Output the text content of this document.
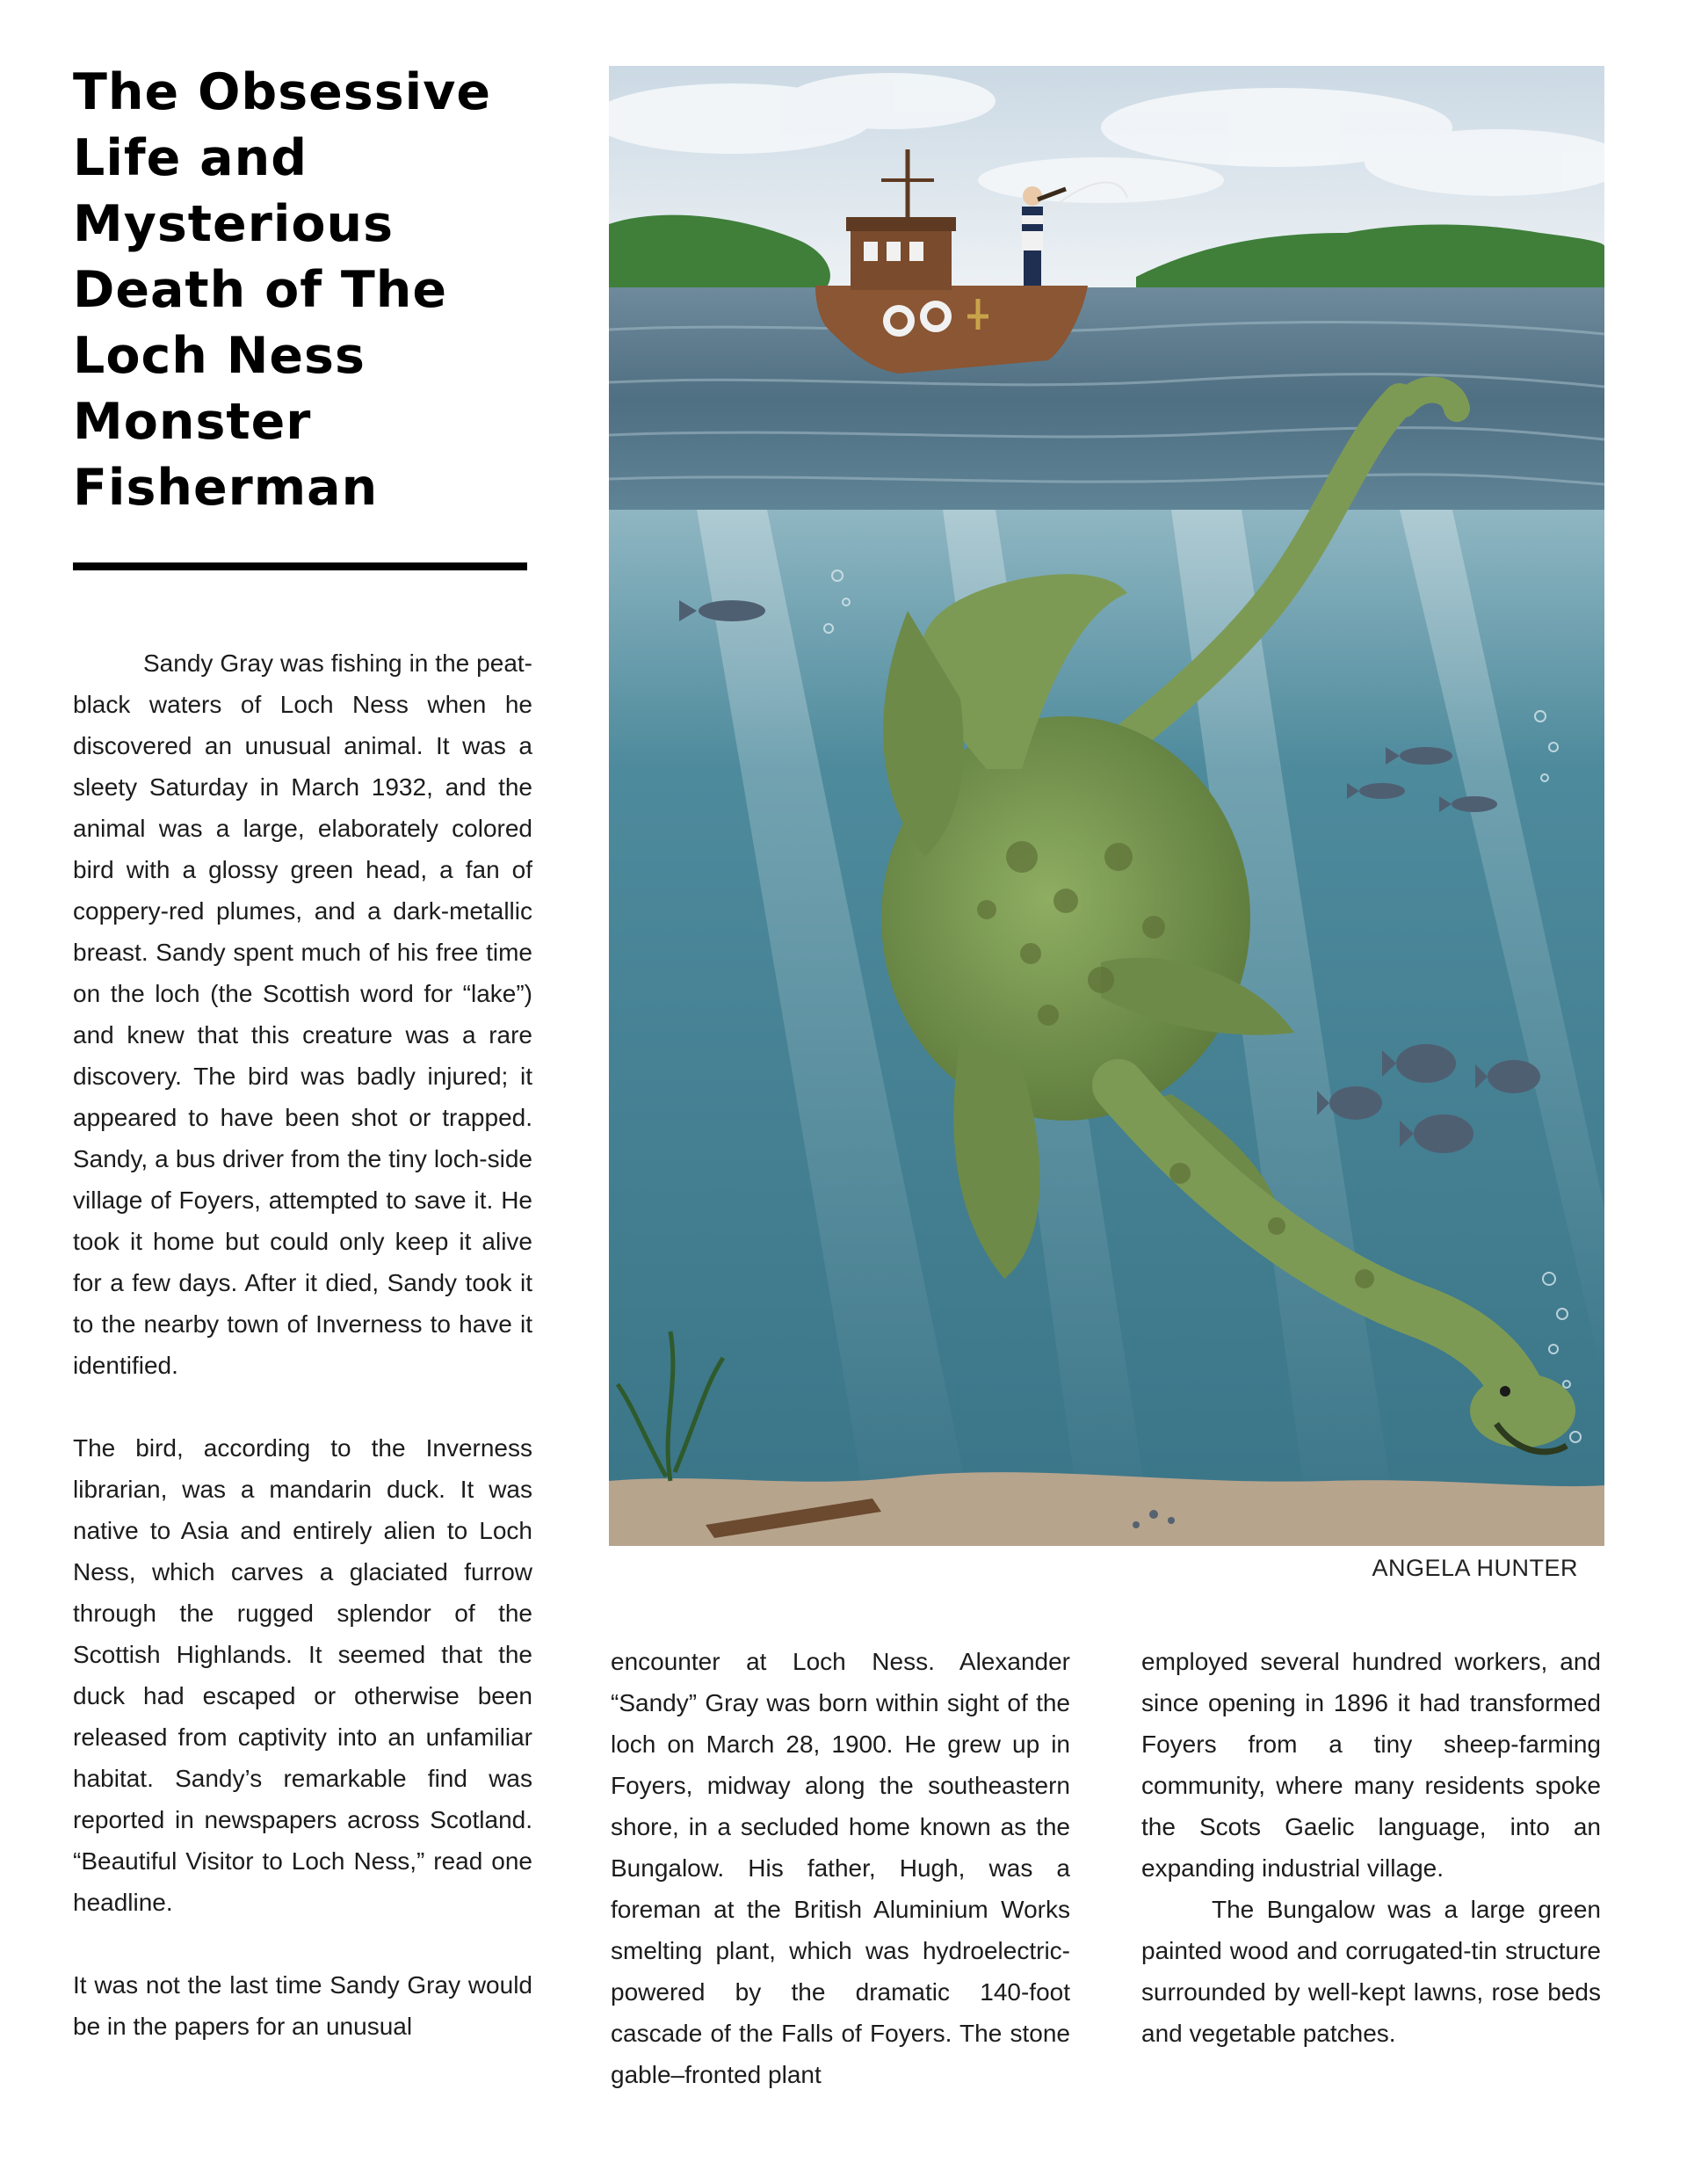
The Obsessive Life and Mysterious Death of The Loch Ness Monster Fisherman

Sandy Gray was fishing in the peat-black waters of Loch Ness when he discovered an unusual animal. It was a sleety Saturday in March 1932, and the animal was a large, elaborately colored bird with a glossy green head, a fan of coppery-red plumes, and a dark-metallic breast. Sandy spent much of his free time on the loch (the Scottish word for “lake”) and knew that this creature was a rare discovery. The bird was badly injured; it appeared to have been shot or trapped. Sandy, a bus driver from the tiny loch-side village of Foyers, attempted to save it. He took it home but could only keep it alive for a few days. After it died, Sandy took it to the nearby town of Inverness to have it identified.

The bird, according to the Inverness librarian, was a mandarin duck. It was native to Asia and entirely alien to Loch Ness, which carves a glaciated furrow through the rugged splendor of the Scottish Highlands. It seemed that the duck had escaped or otherwise been released from captivity into an unfamiliar habitat. Sandy’s remarkable find was reported in newspapers across Scotland. “Beautiful Visitor to Loch Ness,” read one headline.

It was not the last time Sandy Gray would be in the papers for an unusual

encounter at Loch Ness. Alexander “Sandy” Gray was born within sight of the loch on March 28, 1900. He grew up in Foyers, midway along the southeastern shore, in a secluded home known as the Bungalow. His father, Hugh, was a foreman at the British Aluminium Works smelting plant, which was hydroelectric-powered by the dramatic 140-foot cascade of the Falls of Foyers. The stone gable–fronted plant

employed several hundred workers, and since opening in 1896 it had transformed Foyers from a tiny sheep-farming community, where many residents spoke the Scots Gaelic language, into an expanding industrial village.

The Bungalow was a large green painted wood and corrugated-tin structure surrounded by well-kept lawns, rose beds and vegetable patches.

ANGELA HUNTER
